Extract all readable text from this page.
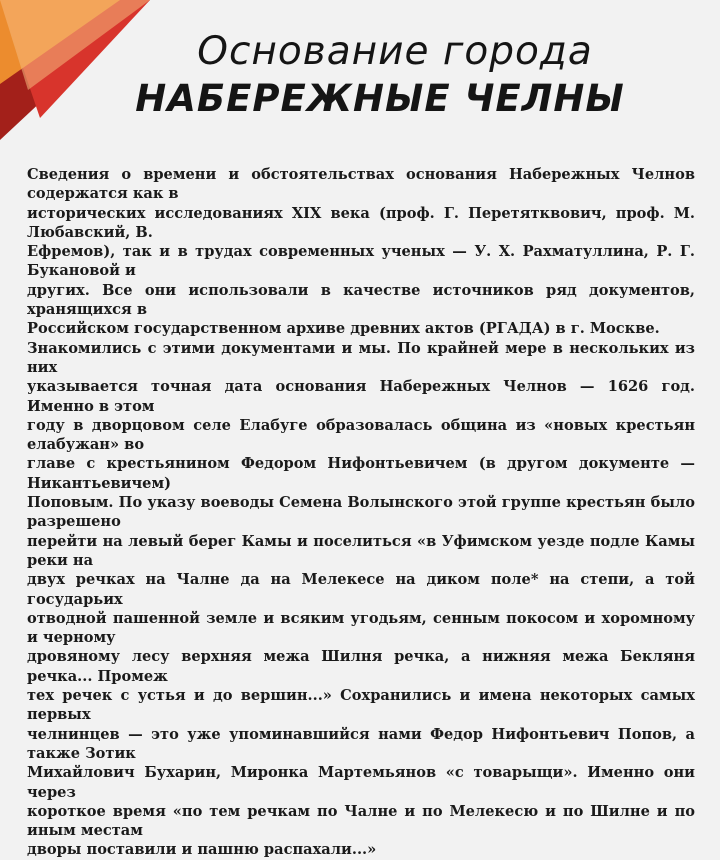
Основание города
НАБЕРЕЖНЫЕ ЧЕЛНЫ
Сведения о времени и обстоятельствах основания Набережных Челнов содержатся как в
исторических исследованиях XIX века (проф. Г. Перетятквович, проф. М. Любавский, В.
Ефремов), так и в трудах современных ученых — У. Х. Рахматуллина, Р. Г. Букановой и
других. Все они использовали в качестве источников ряд документов, хранящихся в
Российском государственном архиве древних актов (РГАДА) в г. Москве.
Знакомились с этими документами и мы. По крайней мере в нескольких из них
указывается точная дата основания Набережных Челнов — 1626 год. Именно в этом
году в дворцовом селе Елабуге образовалась община из «новых крестьян елабужан» во
главе с крестьянином Федором Нифонтьевичем (в другом документе — Никантьевичем)
Поповым. По указу воеводы Семена Волынского этой группе крестьян было разрешено
перейти на левый берег Камы и поселиться «в Уфимском уезде подле Камы реки на
двух речках на Чалне да на Мелекесе на диком поле* на степи, а той государьих
отводной пашенной земле и всяким угодьям, сенным покосом и хоромному и черному
дровяному лесу верхняя межа Шилня речка, а нижняя межа Бекляня речка... Промеж
тех речек с устья и до вершин...» Сохранились и имена некоторых самых первых
челнинцев — это уже упоминавшийся нами Федор Нифонтьевич Попов, а также Зотик
Михайлович Бухарин, Миронка Мартемьянов «с товарыщи». Именно они через
короткое время «по тем речкам по Чалне и по Мелекесю и по Шилне и по иным местам
дворы поставили и пашню распахали...»
